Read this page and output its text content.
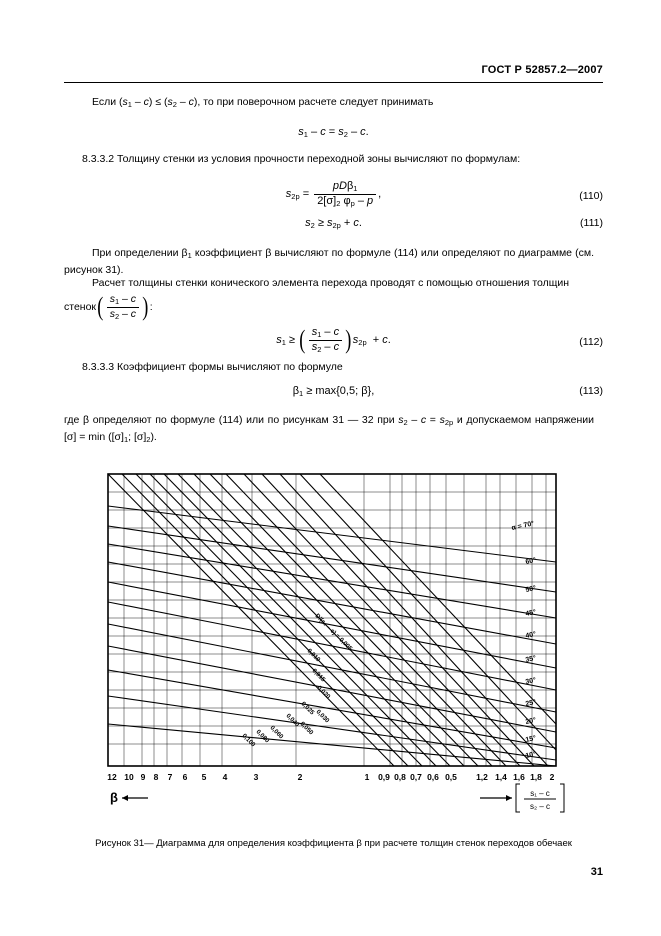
ГОСТ Р 52857.2—2007
Если $(s_1 - c) \le (s_2 - c)$, то при поверочном расчете следует принимать
$s_1 - c = s_2 - c$.
8.3.3.2 Толщину стенки из условия прочности переходной зоны вычисляют по формулам:
$s_{2p} = \frac{pD\beta_1}{2[\sigma]_2 \varphi_p - p}$ ,	(110)
$s_2 \ge s_{2p} + c$.	(111)
При определении $\beta_1$ коэффициент β вычисляют по формуле (114) или определяют по диаграмме (см. рисунок 31).
Расчет толщины стенки конического элемента перехода проводят с помощью отношения толщин
стенок( $\frac{s_1 - c}{s_2 - c}$ ):
$s_1$ ≥ ( $\frac{s_1 - c}{s_2 - c} )s_{2p} + c$.	(112)
8.3.3.3 Коэффициент формы вычисляют по формуле
$\beta_1 \ge \max\{0,5$; β},	(113)
где β определяют по формуле (114) или по рисункам 31 — 32 при $s_2 - c = s_{2p}$ и допускаемом напряжении $[\sigma] = \min ([\sigma]_1$; $[\sigma]_2$).
D/(s₂ – c) = 0,005
0,010
0,015
0,020
0,025
0,030
0,040
0,050
0,060
0,080
0,100
α = 70°
60°
50°
45°
40°
35°
30°
25°
20°
15°
10°
12 10 9 8 7 6 5 4	3	2	1 0,9 0,8 0,7 0,6 0,5 1,2 1,4 1,6 1,8 2
β	s₁ – c
s₂ – c
Рисунок 31— Диаграмма для определения коэффициента β при расчете толщин стенок переходов обечаек
31
